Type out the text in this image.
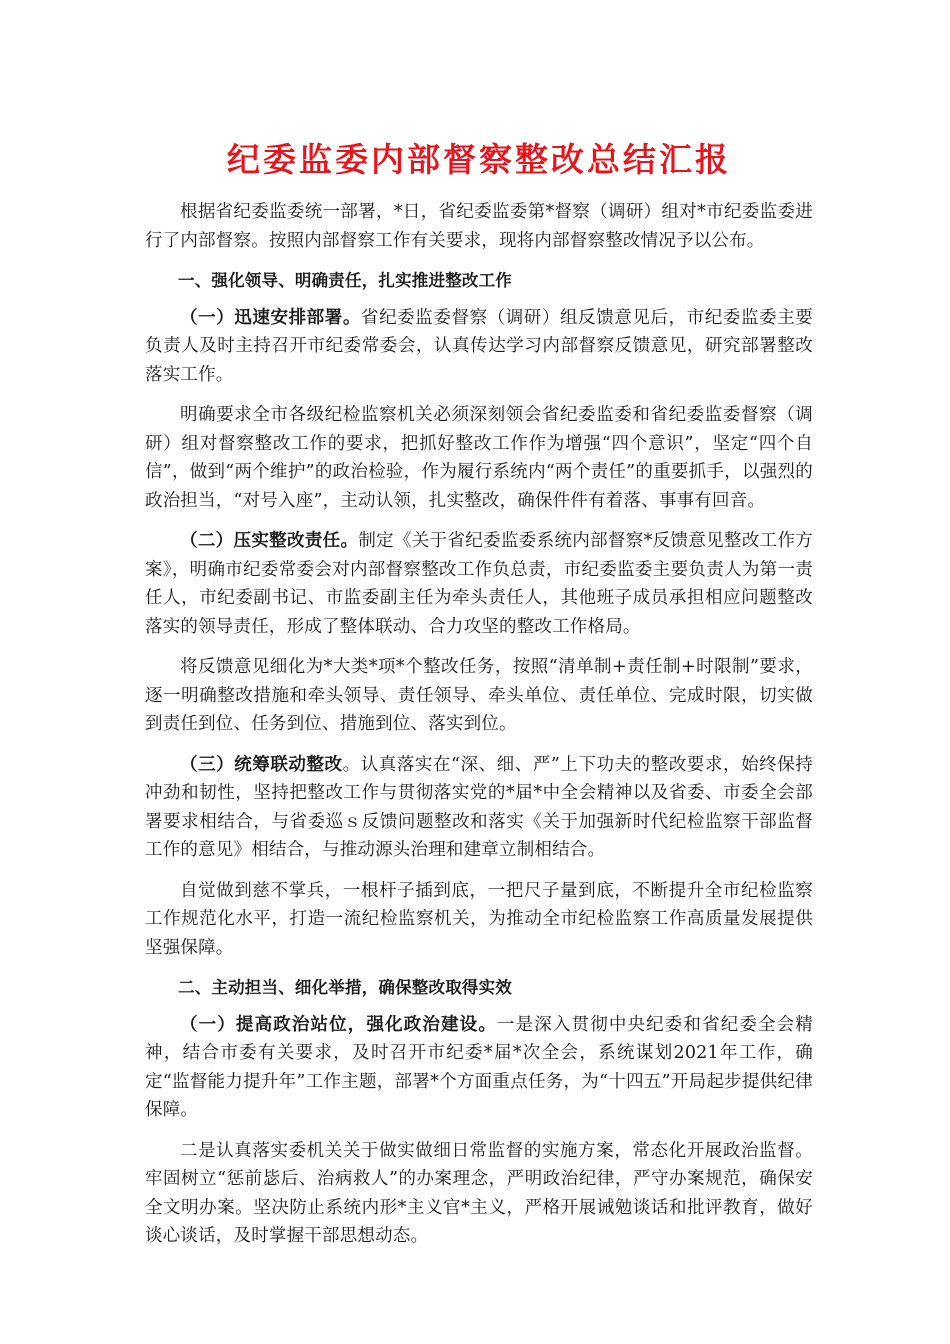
纪委监委内部督察整改总结汇报

根据省纪委监委统一部署，*日，省纪委监委第*督察（调研）组对*市纪委监委进行了内部督察。按照内部督察工作有关要求，现将内部督察整改情况予以公布。

一、强化领导、明确责任，扎实推进整改工作

（一）迅速安排部署。省纪委监委督察（调研）组反馈意见后，市纪委监委主要负责人及时主持召开市纪委常委会，认真传达学习内部督察反馈意见，研究部署整改落实工作。

明确要求全市各级纪检监察机关必须深刻领会省纪委监委和省纪委监委督察（调研）组对督察整改工作的要求，把抓好整改工作作为增强“四个意识”，坚定“四个自信”，做到“两个维护”的政治检验，作为履行系统内“两个责任”的重要抓手，以强烈的政治担当，“对号入座”，主动认领，扎实整改，确保件件有着落、事事有回音。

（二）压实整改责任。制定《关于省纪委监委系统内部督察*反馈意见整改工作方案》，明确市纪委常委会对内部督察整改工作负总责，市纪委监委主要负责人为第一责任人，市纪委副书记、市监委副主任为牵头责任人，其他班子成员承担相应问题整改落实的领导责任，形成了整体联动、合力攻坚的整改工作格局。

将反馈意见细化为*大类*项*个整改任务，按照“清单制+责任制+时限制”要求，逐一明确整改措施和牵头领导、责任领导、牵头单位、责任单位、完成时限，切实做到责任到位、任务到位、措施到位、落实到位。

（三）统筹联动整改。认真落实在“深、细、严”上下功夫的整改要求，始终保持冲劲和韧性，坚持把整改工作与贯彻落实党的*届*中全会精神以及省委、市委全会部署要求相结合，与省委巡ｓ反馈问题整改和落实《关于加强新时代纪检监察干部监督工作的意见》相结合，与推动源头治理和建章立制相结合。

自觉做到慈不掌兵，一根杆子插到底，一把尺子量到底，不断提升全市纪检监察工作规范化水平，打造一流纪检监察机关，为推动全市纪检监察工作高质量发展提供坚强保障。

二、主动担当、细化举措，确保整改取得实效

（一）提高政治站位，强化政治建设。一是深入贯彻中央纪委和省纪委全会精神，结合市委有关要求，及时召开市纪委*届*次全会，系统谋划2021年工作，确定“监督能力提升年”工作主题，部署*个方面重点任务，为“十四五”开局起步提供纪律保障。

二是认真落实委机关关于做实做细日常监督的实施方案，常态化开展政治监督。牢固树立“惩前毖后、治病救人”的办案理念，严明政治纪律，严守办案规范，确保安全文明办案。坚决防止系统内形*主义官*主义，严格开展诫勉谈话和批评教育，做好谈心谈话，及时掌握干部思想动态。
